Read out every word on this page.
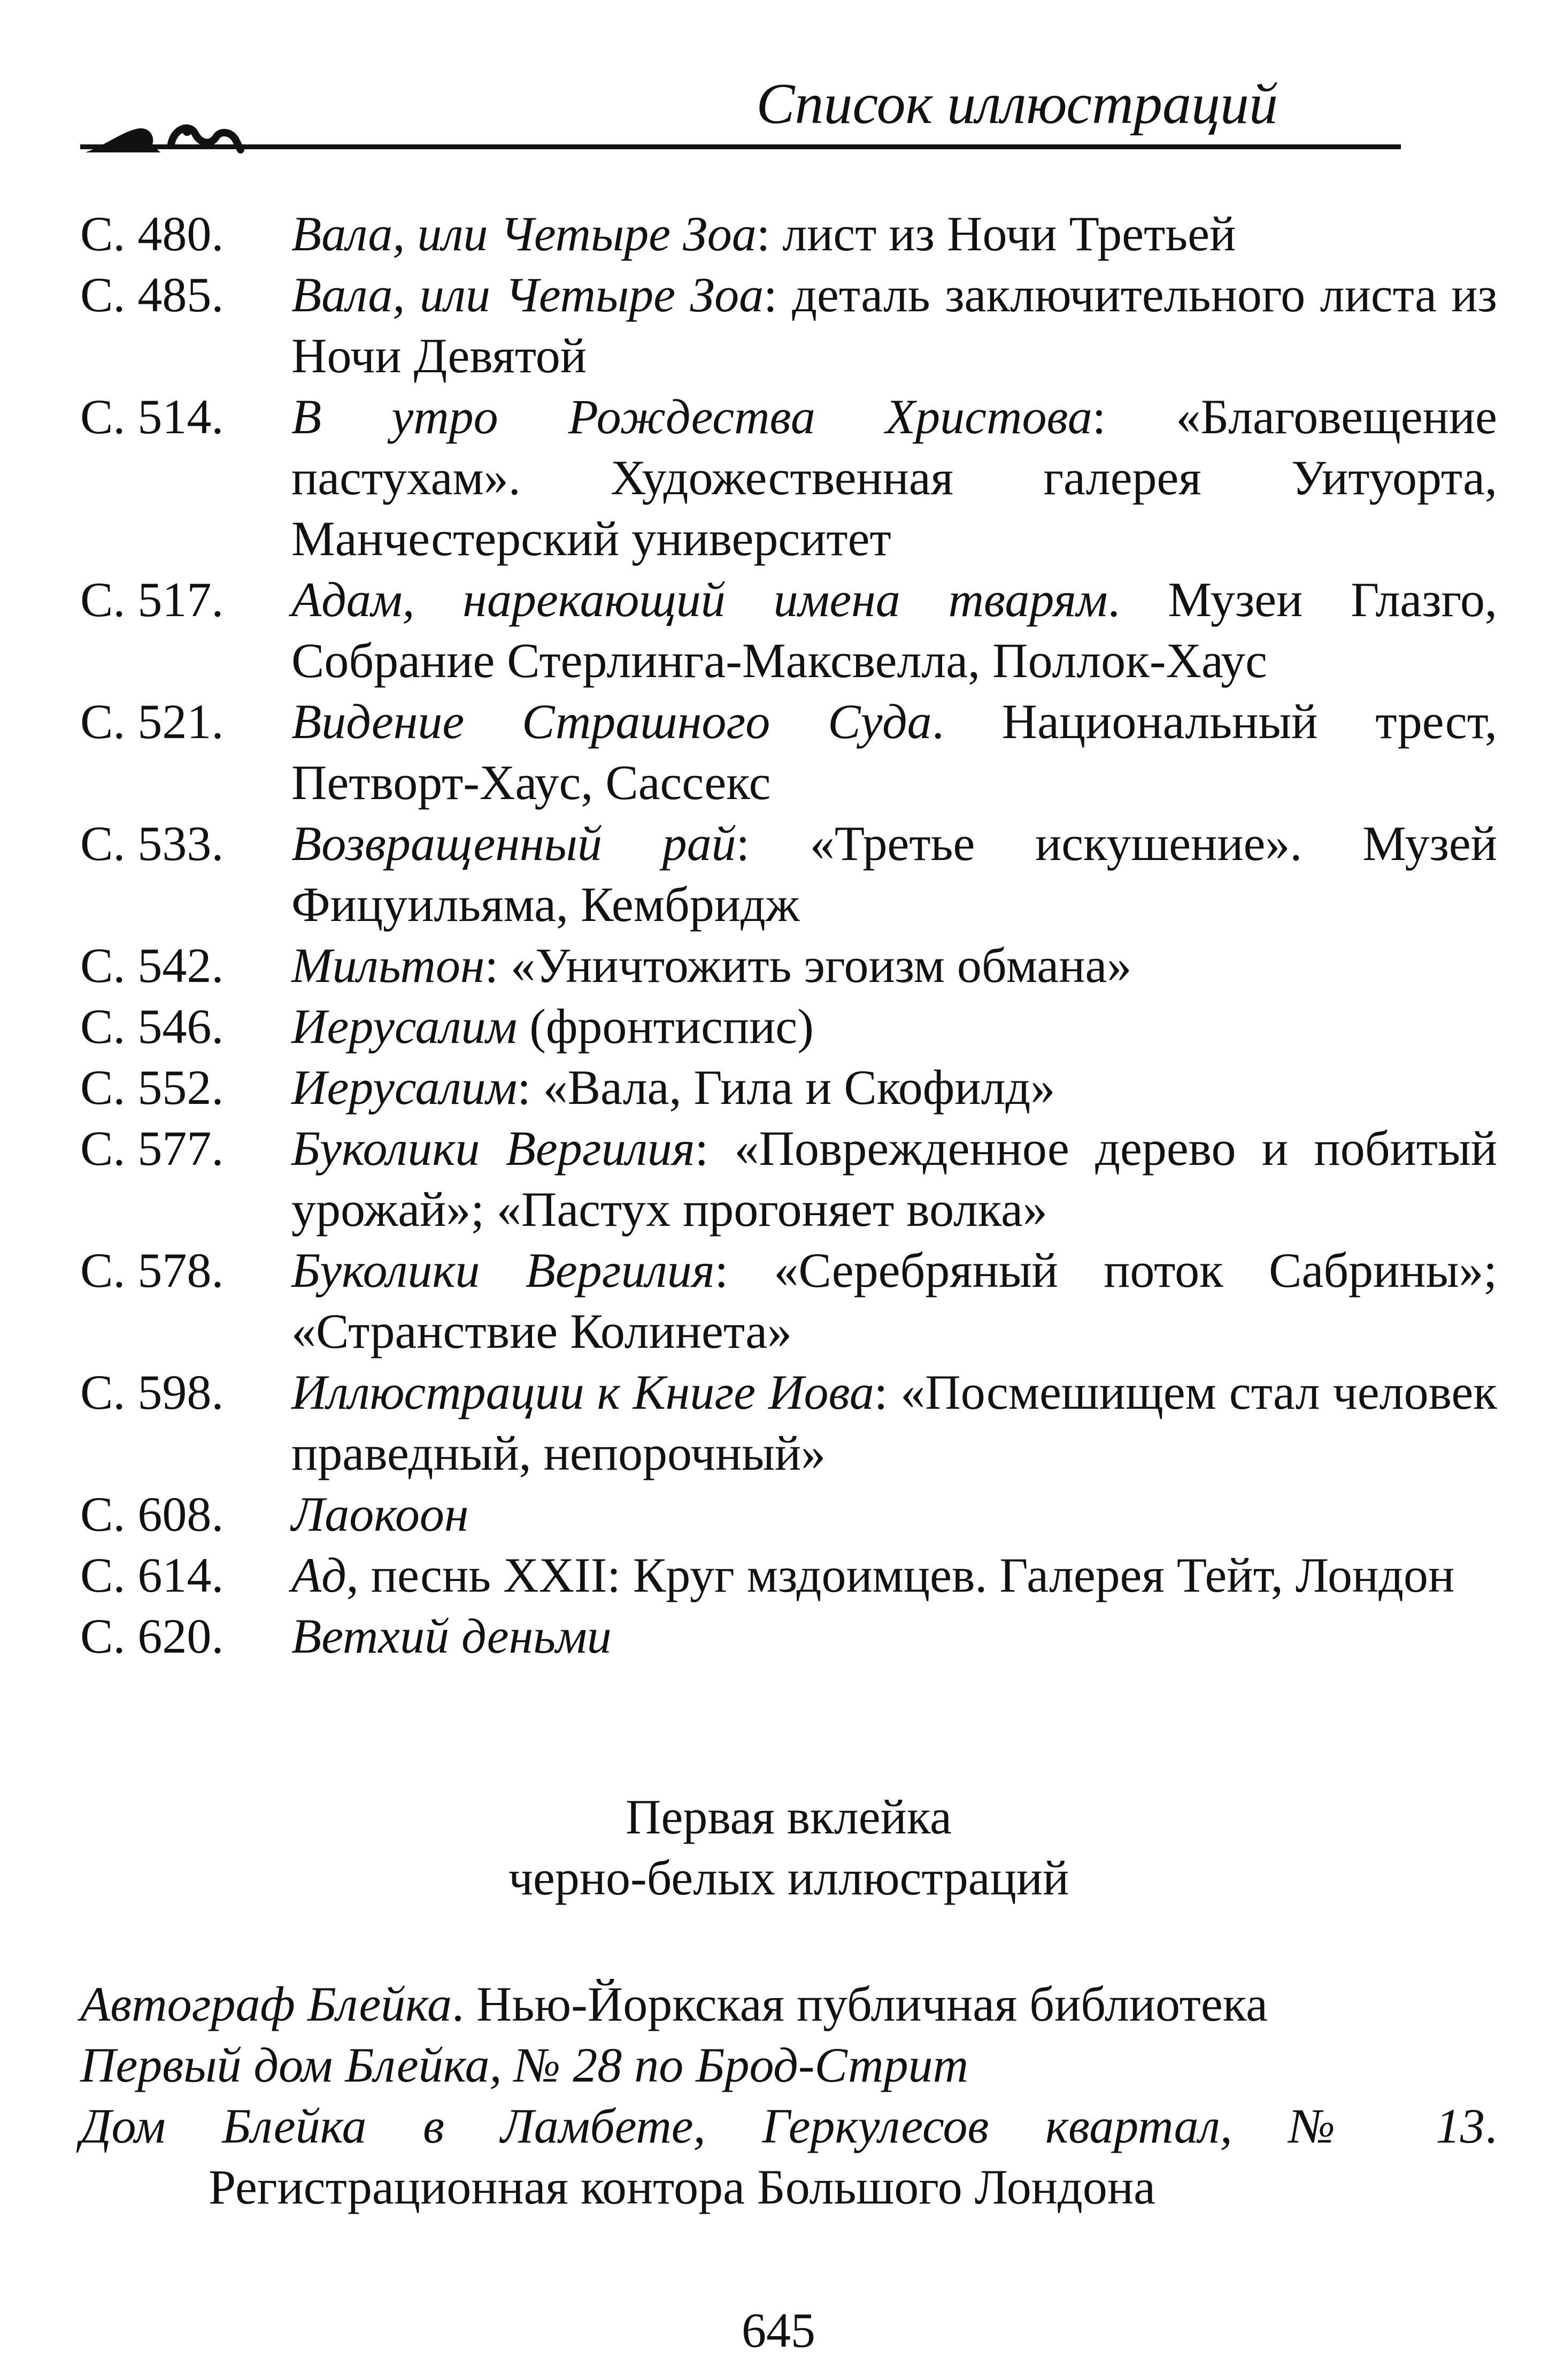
Список иллюстраций
С. 480.	Вала, или Четыре Зоа: лист из Ночи Третьей
С. 485.	Вала, или Четыре Зоа: деталь заключительного листа из Ночи Девятой
С. 514.	В утро Рождества Христова: «Благовещение пастухам». Художественная галерея Уитуорта, Манчестерский университет
С. 517.	Адам, нарекающий имена тварям. Музеи Глазго, Собрание Стерлинга-Максвелла, Поллок-Хаус
С. 521.	Видение Страшного Суда. Национальный трест, Петворт-Хаус, Сассекс
С. 533.	Возвращенный рай: «Третье искушение». Музей Фицуильяма, Кембридж
С. 542.	Мильтон: «Уничтожить эгоизм обмана»
С. 546.	Иерусалим (фронтиспис)
С. 552.	Иерусалим: «Вала, Гила и Скофилд»
С. 577.	Буколики Вергилия: «Поврежденное дерево и побитый урожай»; «Пастух прогоняет волка»
С. 578.	Буколики Вергилия: «Серебряный поток Сабрины»; «Странствие Колинета»
С. 598.	Иллюстрации к Книге Иова: «Посмешищем стал человек праведный, непорочный»
С. 608.	Лаокоон
С. 614.	Ад, песнь XXII: Круг мздоимцев. Галерея Тейт, Лондон
С. 620.	Ветхий деньми
Первая вклейка
черно-белых иллюстраций
Автограф Блейка. Нью-Йоркская публичная библиотека
Первый дом Блейка, № 28 по Брод-Стрит
Дом Блейка в Ламбете, Геркулесов квартал, № 13. Регистрационная контора Большого Лондона
645
